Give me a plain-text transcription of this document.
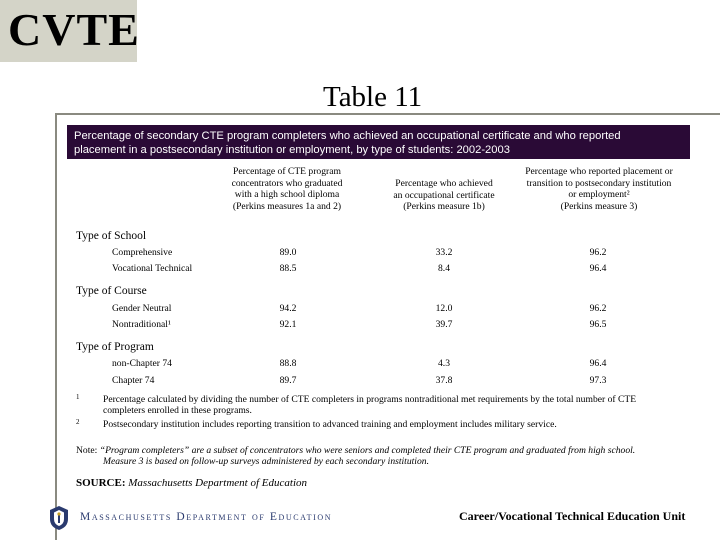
CVTE
Table 11
Percentage of secondary CTE program completers who achieved an occupational certificate and who reported
placement in a postsecondary institution or employment, by type of students: 2002-2003
Percentage of CTE program
concentrators who graduated
with a high school diploma
(Perkins measures 1a and 2)
Percentage who achieved
an occupational certificate
(Perkins measure 1b)
Percentage who reported placement or
transition to postsecondary institution
or employment²
(Perkins measure 3)
Type of School
Comprehensive	89.0	33.2	96.2
Vocational Technical	88.5	8.4	96.4
Type of Course
Gender Neutral	94.2	12.0	96.2
Nontraditional¹	92.1	39.7	96.5
Type of Program
non-Chapter 74	88.8	4.3	96.4
Chapter 74	89.7	37.8	97.3
1 Percentage calculated by dividing the number of CTE completers in programs nontraditional met requirements by the total number of CTE
completers enrolled in these programs.
2 Postsecondary institution includes reporting transition to advanced training and employment includes military service.
Note: “Program completers” are a subset of concentrators who were seniors and completed their CTE program and graduated from high school.
Measure 3 is based on follow-up surveys administered by each secondary institution.
SOURCE: Massachusetts Department of Education
Massachusetts Department of Education	Career/Vocational Technical Education Unit
